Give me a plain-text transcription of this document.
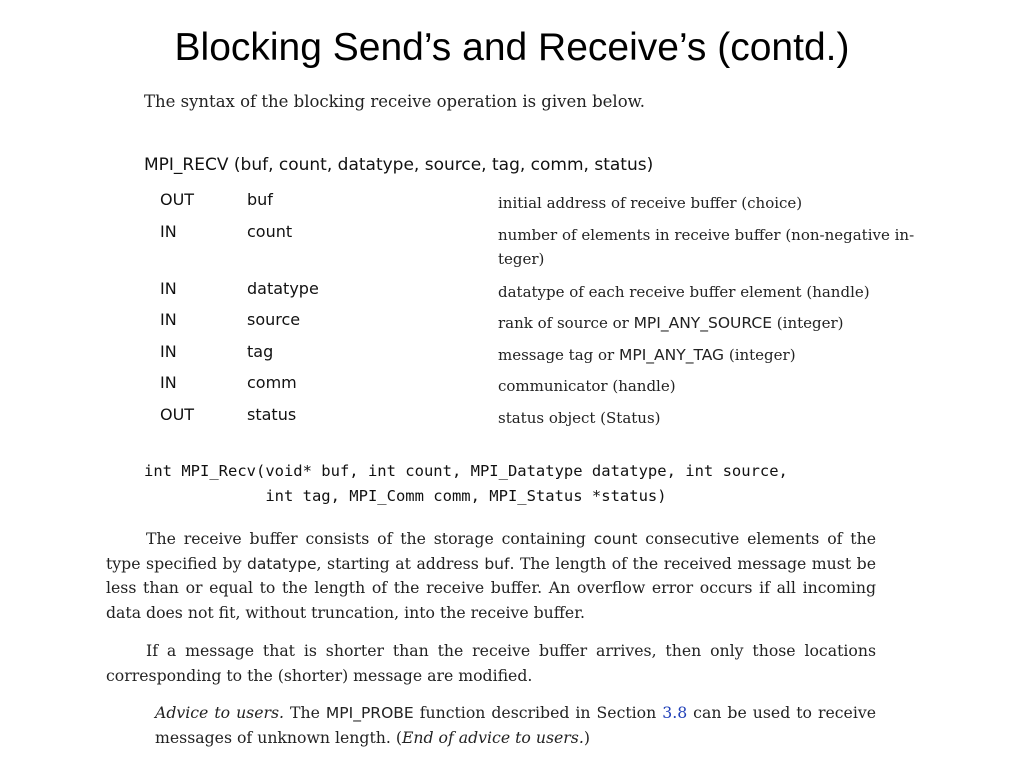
Blocking Send’s and Receive’s (contd.)
The syntax of the blocking receive operation is given below.
MPI_RECV (buf, count, datatype, source, tag, comm, status)
OUT	buf	initial address of receive buffer (choice)
IN	count	number of elements in receive buffer (non-negative in-
teger)
IN	datatype	datatype of each receive buffer element (handle)
IN	source	rank of source or MPI_ANY_SOURCE (integer)
IN	tag	message tag or MPI_ANY_TAG (integer)
IN	comm	communicator (handle)
OUT	status	status object (Status)
int MPI_Recv(void* buf, int count, MPI_Datatype datatype, int source,
int tag, MPI_Comm comm, MPI_Status *status)
The receive buffer consists of the storage containing count consecutive elements of the type specified by datatype, starting at address buf. The length of the received message must be less than or equal to the length of the receive buffer. An overflow error occurs if all incoming data does not fit, without truncation, into the receive buffer.
If a message that is shorter than the receive buffer arrives, then only those locations corresponding to the (shorter) message are modified.
Advice to users. The MPI_PROBE function described in Section 3.8 can be used to receive messages of unknown length. (End of advice to users.)
